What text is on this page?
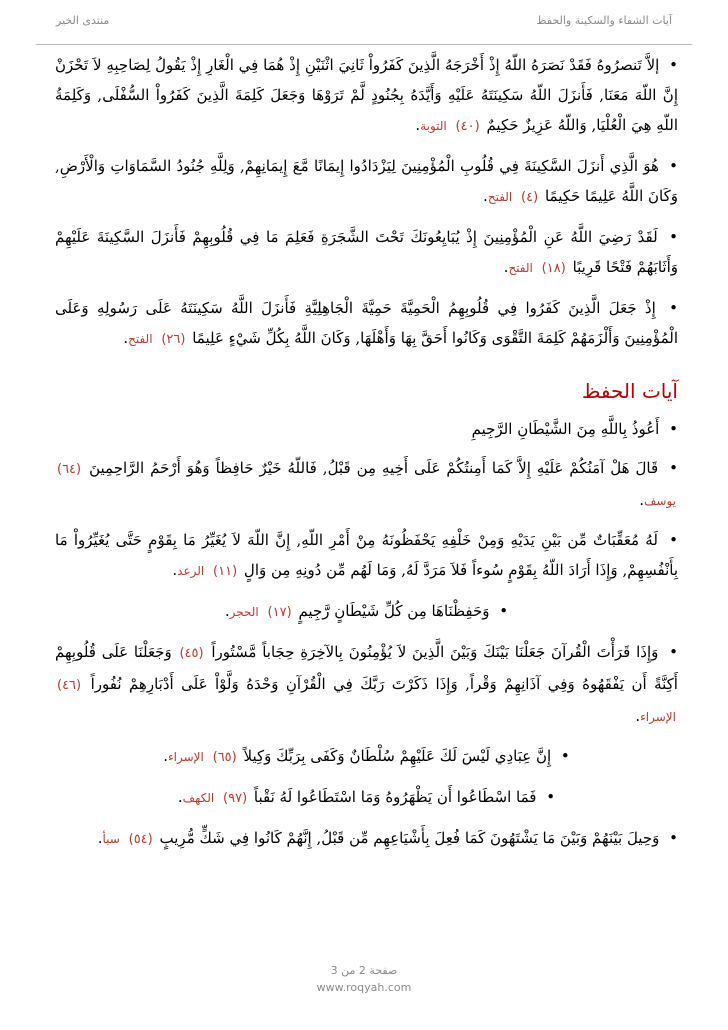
منتدى الخير	آيات الشفاء والسكينة والحفظ

• إلاَّ تَنصرُوهُ فَقَدْ نَصَرَهُ اللّهُ إِذْ أَخْرَجَهُ الَّذِينَ كَفَرُواْ ثَانِيَ اثْنَيْنِ إِذْ هُمَا فِي الْغَارِ إِذْ يَقُولُ لِصَاحِبِهِ لاَ تَحْزَنْ إِنَّ اللّهَ مَعَنَا, فَأَنزَلَ اللّهُ سَكِينَتَهُ عَلَيْهِ وَأَيَّدَهُ بِجُنُودٍ لَّمْ تَرَوْهَا وَجَعَلَ كَلِمَةَ الَّذِينَ كَفَرُواْ السُّفْلَى, وَكَلِمَةُ اللّهِ هِيَ الْعُلْيَا, وَاللّهُ عَزِيزٌ حَكِيمٌ (٤٠) التوبة.

• هُوَ الَّذِي أَنزَلَ السَّكِينَةَ فِي قُلُوبِ الْمُؤْمِنِينَ لِيَزْدَادُوا إِيمَانًا مَّعَ إِيمَانِهِمْ, وَلِلَّهِ جُنُودُ السَّمَاوَاتِ وَالْأَرْضِ, وَكَانَ اللَّهُ عَلِيمًا حَكِيمًا (٤) الفتح.

• لَقَدْ رَضِيَ اللَّهُ عَنِ الْمُؤْمِنِينَ إِذْ يُبَايِعُونَكَ تَحْتَ الشَّجَرَةِ فَعَلِمَ مَا فِي قُلُوبِهِمْ فَأَنزَلَ السَّكِينَةَ عَلَيْهِمْ وَأَثَابَهُمْ فَتْحًا قَرِيبًا (١٨) الفتح.

• إِذْ جَعَلَ الَّذِينَ كَفَرُوا فِي قُلُوبِهِمُ الْحَمِيَّةَ حَمِيَّةَ الْجَاهِلِيَّةِ فَأَنزَلَ اللَّهُ سَكِينَتَهُ عَلَى رَسُولِهِ وَعَلَى الْمُؤْمِنِينَ وَأَلْزَمَهُمْ كَلِمَةَ التَّقْوَى وَكَانُوا أَحَقَّ بِهَا وَأَهْلَهَا, وَكَانَ اللَّهُ بِكُلِّ شَيْءٍ عَلِيمًا (٢٦) الفتح.

آيات الحفظ

• أَعُوذُ بِاللَّهِ مِنَ الشَّيْطَانِ الرَّجِيمِ

• قَالَ هَلْ آمَنُكُمْ عَلَيْهِ إِلاَّ كَمَا أَمِنتُكُمْ عَلَى أَخِيهِ مِن قَبْلُ, فَاللّهُ خَيْرٌ حَافِظاً وَهُوَ أَرْحَمُ الرَّاحِمِينَ (٦٤) يوسف.

• لَهُ مُعَقِّبَاتٌ مِّن بَيْنِ يَدَيْهِ وَمِنْ خَلْفِهِ يَحْفَظُونَهُ مِنْ أَمْرِ اللّهِ, إِنَّ اللّهَ لاَ يُغَيِّرُ مَا بِقَوْمٍ حَتَّى يُغَيِّرُواْ مَا بِأَنْفُسِهِمْ, وَإِذَا أَرَادَ اللّهُ بِقَوْمٍ سُوءاً فَلاَ مَرَدَّ لَهُ, وَمَا لَهُم مِّن دُونِهِ مِن وَالٍ (١١) الرعد.

• وَحَفِظْنَاهَا مِن كُلِّ شَيْطَانٍ رَّجِيمٍ (١٧) الحجر.

• وَإِذَا قَرَأْتَ الْقُرآنَ جَعَلْنَا بَيْنَكَ وَبَيْنَ الَّذِينَ لاَ يُؤْمِنُونَ بِالآخِرَةِ حِجَاباً مَّسْتُوراً (٤٥) وَجَعَلْنَا عَلَى قُلُوبِهِمْ أَكِنَّةً أَن يَفْقَهُوهُ وَفِي آذَانِهِمْ وَقْراً, وَإِذَا ذَكَرْتَ رَبَّكَ فِي الْقُرْآنِ وَحْدَهُ وَلَّوْاْ عَلَى أَدْبَارِهِمْ نُفُوراً (٤٦) الإسراء.

• إِنَّ عِبَادِي لَيْسَ لَكَ عَلَيْهِمْ سُلْطَانٌ وَكَفَى بِرَبِّكَ وَكِيلاً (٦٥) الإسراء.

• فَمَا اسْطَاعُوا أَن يَظْهَرُوهُ وَمَا اسْتَطَاعُوا لَهُ نَقْباً (٩٧) الكهف.

• وَحِيلَ بَيْنَهُمْ وَبَيْنَ مَا يَشْتَهُونَ كَمَا فُعِلَ بِأَشْيَاعِهِم مِّن قَبْلُ, إِنَّهُمْ كَانُوا فِي شَكٍّ مُّرِيبٍ (٥٤) سبأ.

صفحة 2 من 3
www.roqyah.com
